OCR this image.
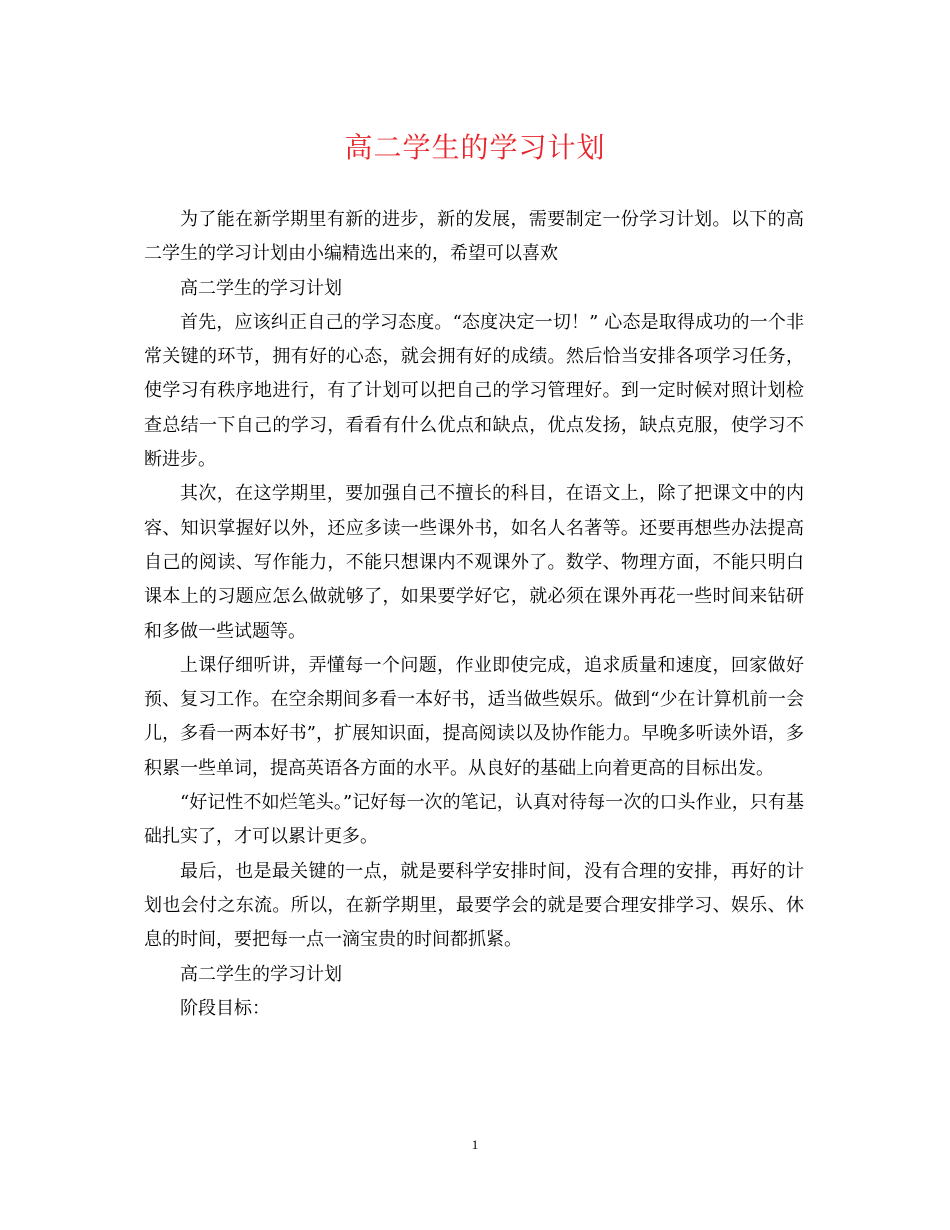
高二学生的学习计划

为了能在新学期里有新的进步，新的发展，需要制定一份学习计划。以下的高二学生的学习计划由小编精选出来的，希望可以喜欢

高二学生的学习计划

首先，应该纠正自己的学习态度。“态度决定一切！” 心态是取得成功的一个非常关键的环节，拥有好的心态，就会拥有好的成绩。然后恰当安排各项学习任务，使学习有秩序地进行，有了计划可以把自己的学习管理好。到一定时候对照计划检查总结一下自己的学习，看看有什么优点和缺点，优点发扬，缺点克服，使学习不断进步。

其次，在这学期里，要加强自己不擅长的科目，在语文上，除了把课文中的内容、知识掌握好以外，还应多读一些课外书，如名人名著等。还要再想些办法提高自己的阅读、写作能力，不能只想课内不观课外了。数学、物理方面，不能只明白课本上的习题应怎么做就够了，如果要学好它，就必须在课外再花一些时间来钻研和多做一些试题等。

上课仔细听讲，弄懂每一个问题，作业即使完成，追求质量和速度，回家做好预、复习工作。在空余期间多看一本好书，适当做些娱乐。做到“少在计算机前一会儿，多看一两本好书”，扩展知识面，提高阅读以及协作能力。早晚多听读外语，多积累一些单词，提高英语各方面的水平。从良好的基础上向着更高的目标出发。

“好记性不如烂笔头。”记好每一次的笔记，认真对待每一次的口头作业，只有基础扎实了，才可以累计更多。

最后，也是最关键的一点，就是要科学安排时间，没有合理的安排，再好的计划也会付之东流。所以，在新学期里，最要学会的就是要合理安排学习、娱乐、休息的时间，要把每一点一滴宝贵的时间都抓紧。

高二学生的学习计划

阶段目标：

1
